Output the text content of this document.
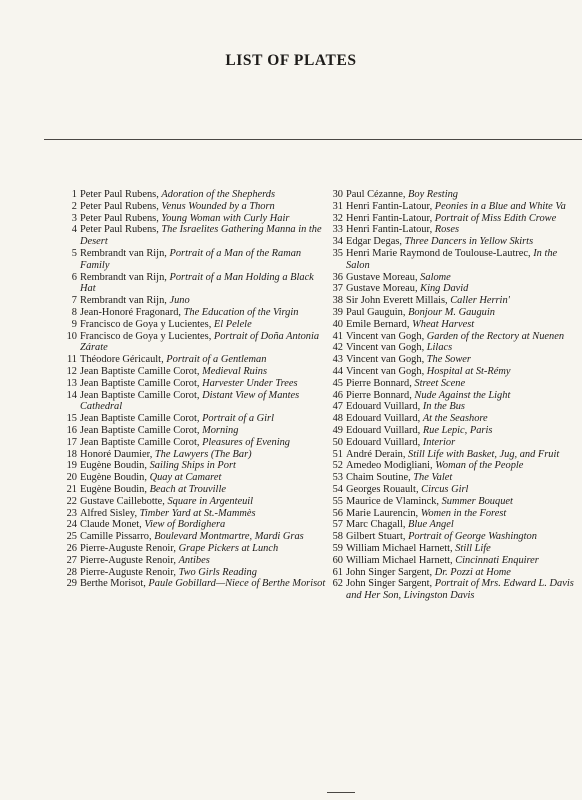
LIST OF PLATES
1 Peter Paul Rubens , Adoration of the Shepherds
2 Peter Paul Rubens , Venus Wounded by a Thorn
3 Peter Paul Rubens , Young Woman with Curly Hair
4 Peter Paul Rubens , The Israelites Gathering Manna in the Desert
5 Rembrandt van Rijn , Portrait of a Man of the Raman Family
6 Rembrandt van Rijn , Portrait of a Man Holding a Black Hat
7 Rembrandt van Rijn , Juno
8 Jean-Honoré Fragonard , The Education of the Virgin
9 Francisco de Goya y Lucientes , El Pelele
10 Francisco de Goya y Lucientes , Portrait of Doña Antonia Zárate
11 Théodore Géricault , Portrait of a Gentleman
12 Jean Baptiste Camille Corot , Medieval Ruins
13 Jean Baptiste Camille Corot , Harvester Under Trees
14 Jean Baptiste Camille Corot , Distant View of Mantes Cathedral
15 Jean Baptiste Camille Corot , Portrait of a Girl
16 Jean Baptiste Camille Corot , Morning
17 Jean Baptiste Camille Corot , Pleasures of Evening
18 Honoré Daumier , The Lawyers (The Bar)
19 Eugène Boudin , Sailing Ships in Port
20 Eugène Boudin , Quay at Camaret
21 Eugène Boudin , Beach at Trouville
22 Gustave Caillebotte , Square in Argenteuil
23 Alfred Sisley , Timber Yard at St.-Mammès
24 Claude Monet , View of Bordighera
25 Camille Pissarro , Boulevard Montmartre, Mardi Gras
26 Pierre-Auguste Renoir , Grape Pickers at Lunch
27 Pierre-Auguste Renoir , Antibes
28 Pierre-Auguste Renoir , Two Girls Reading
29 Berthe Morisot , Paule Gobillard—Niece of Berthe Morisot
30 Paul Cézanne , Boy Resting
31 Henri Fantin-Latour , Peonies in a Blue and White Va
32 Henri Fantin-Latour , Portrait of Miss Edith Crowe
33 Henri Fantin-Latour , Roses
34 Edgar Degas , Three Dancers in Yellow Skirts
35 Henri Marie Raymond de Toulouse-Lautrec , In the Salon
36 Gustave Moreau , Salome
37 Gustave Moreau , King David
38 Sir John Everett Millais , Caller Herrin'
39 Paul Gauguin , Bonjour M. Gauguin
40 Emile Bernard , Wheat Harvest
41 Vincent van Gogh , Garden of the Rectory at Nuenen
42 Vincent van Gogh , Lilacs
43 Vincent van Gogh , The Sower
44 Vincent van Gogh , Hospital at St-Rémy
45 Pierre Bonnard , Street Scene
46 Pierre Bonnard , Nude Against the Light
47 Edouard Vuillard , In the Bus
48 Edouard Vuillard , At the Seashore
49 Edouard Vuillard , Rue Lepic, Paris
50 Edouard Vuillard , Interior
51 André Derain , Still Life with Basket, Jug, and Fruit
52 Amedeo Modigliani , Woman of the People
53 Chaim Soutine , The Valet
54 Georges Rouault , Circus Girl
55 Maurice de Vlaminck , Summer Bouquet
56 Marie Laurencin , Women in the Forest
57 Marc Chagall , Blue Angel
58 Gilbert Stuart , Portrait of George Washington
59 William Michael Harnett , Still Life
60 William Michael Harnett , Cincinnati Enquirer
61 John Singer Sargent , Dr. Pozzi at Home
62 John Singer Sargent , Portrait of Mrs. Edward L. Davis and Her Son, Livingston Davis
